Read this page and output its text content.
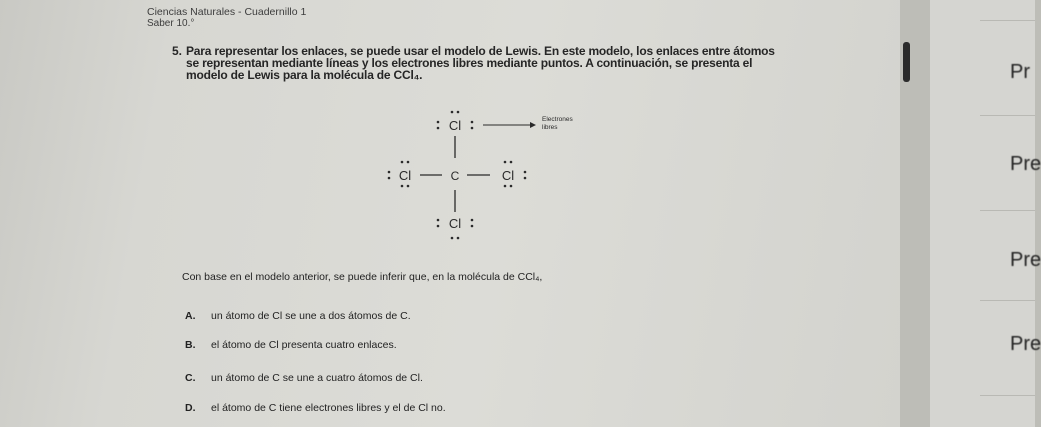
Ciencias Naturales - Cuadernillo 1
Saber 10.°
5. Para representar los enlaces, se puede usar el modelo de Lewis. En este modelo, los enlaces entre átomos
se representan mediante líneas y los electrones libres mediante puntos. A continuación, se presenta el
modelo de Lewis para la molécula de CCl₄.
Cl	Electrones
libres
C
Cl	Cl
Cl
Con base en el modelo anterior, se puede inferir que, en la molécula de CCl₄,
A. un átomo de Cl se une a dos átomos de C.
B. el átomo de Cl presenta cuatro enlaces.
C. un átomo de C se une a cuatro átomos de Cl.
D. el átomo de C tiene electrones libres y el de Cl no.
Pr
Pre
Pre
Pre
